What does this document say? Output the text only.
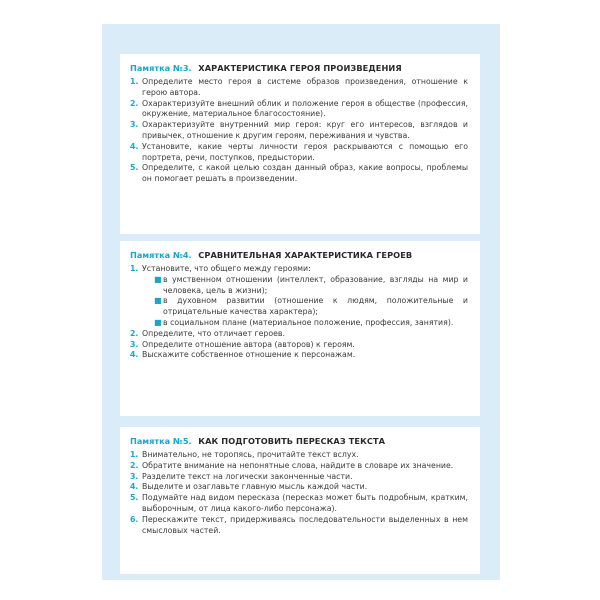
Памятка №3. ХАРАКТЕРИСТИКА ГЕРОЯ ПРОИЗВЕДЕНИЯ
1. Определите место героя в системе образов произведения, отношение к герою автора.
2. Охарактеризуйте внешний облик и положение героя в обществе (профессия, окружение, материальное благосостояние).
3. Охарактеризуйте внутренний мир героя: круг его интересов, взглядов и привычек, отношение к другим героям, переживания и чувства.
4. Установите, какие черты личности героя раскрываются с помощью его портрета, речи, поступков, предыстории.
5. Определите, с какой целью создан данный образ, какие вопросы, проблемы он помогает решать в произведении.
Памятка №4. СРАВНИТЕЛЬНАЯ ХАРАКТЕРИСТИКА ГЕРОЕВ
1. Установите, что общего между героями:
■ в умственном отношении (интеллект, образование, взгляды на мир и человека, цель в жизни);
■ в духовном развитии (отношение к людям, положительные и отрицательные качества характера);
■ в социальном плане (материальное положение, профессия, занятия).
2. Определите, что отличает героев.
3. Определите отношение автора (авторов) к героям.
4. Выскажите собственное отношение к персонажам.
Памятка №5. КАК ПОДГОТОВИТЬ ПЕРЕСКАЗ ТЕКСТА
1. Внимательно, не торопясь, прочитайте текст вслух.
2. Обратите внимание на непонятные слова, найдите в словаре их значение.
3. Разделите текст на логически законченные части.
4. Выделите и озаглавьте главную мысль каждой части.
5. Подумайте над видом пересказа (пересказ может быть подробным, кратким, выборочным, от лица какого-либо персонажа).
6. Перескажите текст, придерживаясь последовательности выделенных в нем смысловых частей.
